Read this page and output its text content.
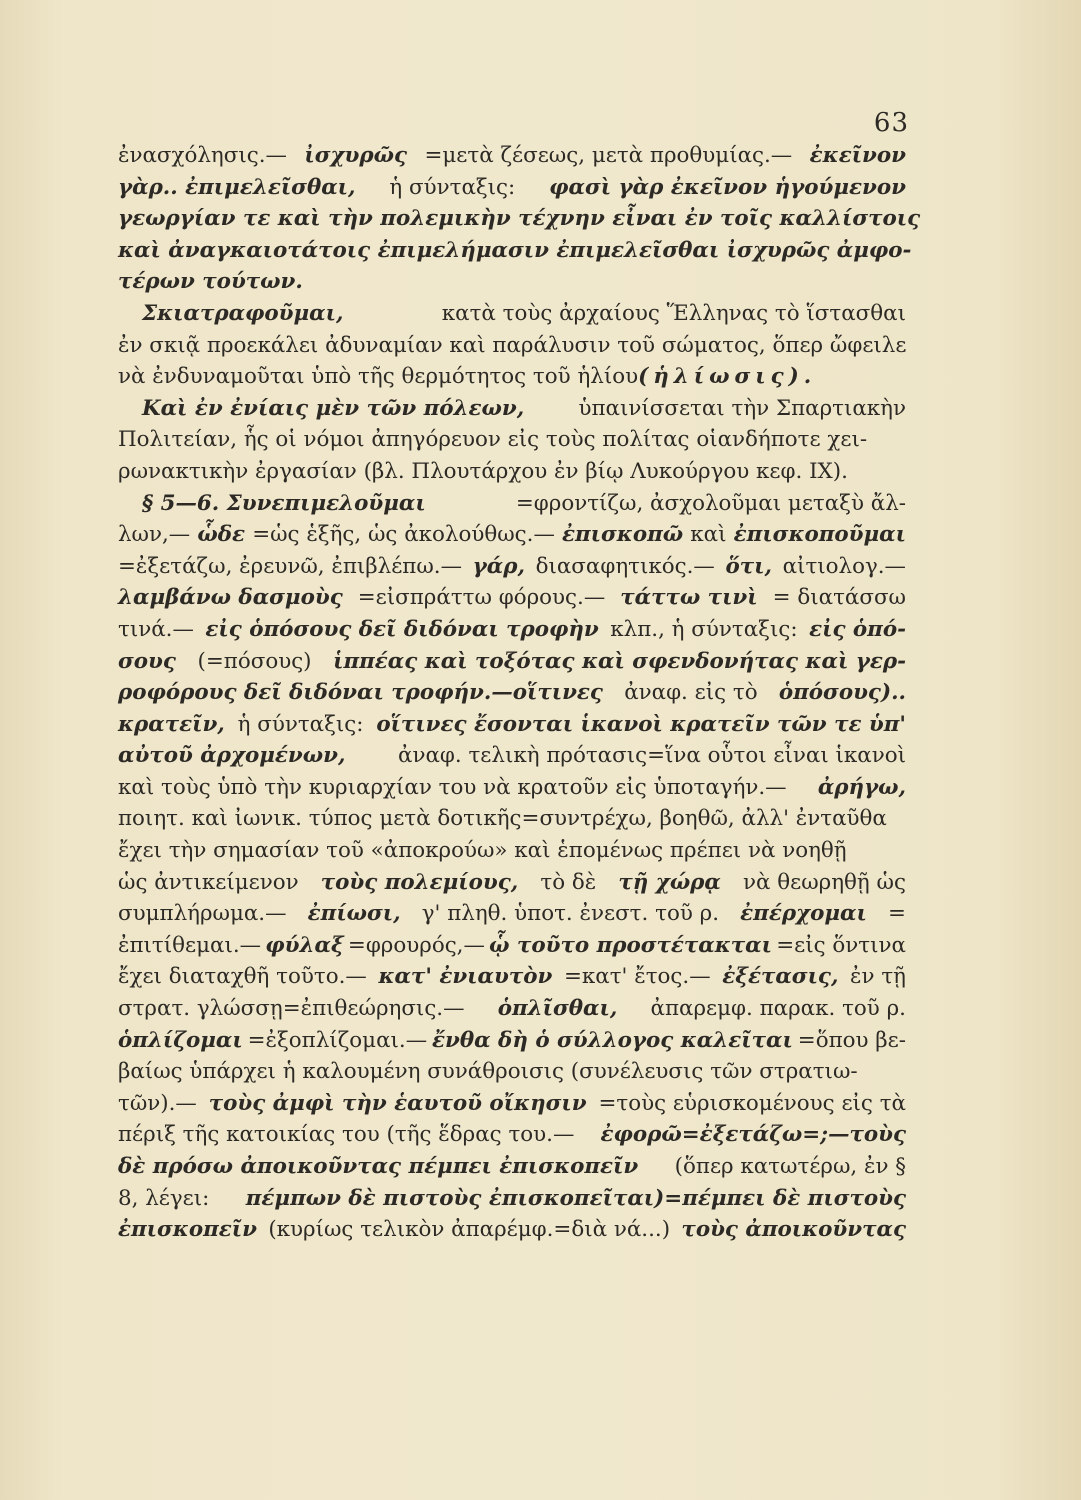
63
ἐνασχόλησις.— ἰσχυρῶς =μετὰ ζέσεως, μετὰ προθυμίας.— ἐκεῖνον
γὰρ.. ἐπιμελεῖσθαι, ἡ σύνταξις: φασὶ γὰρ ἐκεῖνον ἡγούμενον
γεωργίαν τε καὶ τὴν πολεμικὴν τέχνην εἶναι ἐν τοῖς καλλίστοις
καὶ ἀναγκαιοτάτοις ἐπιμελήμασιν ἐπιμελεῖσθαι ἰσχυρῶς ἀμφο-
τέρων τούτων.
Σκιατραφοῦμαι,	κατὰ τοὺς ἀρχαίους Ἕλληνας τὸ ἵστασθαι
ἐν σκιᾷ προεκάλει ἀδυναμίαν καὶ παράλυσιν τοῦ σώματος, ὅπερ ὤφειλε
νὰ ἐνδυναμοῦται ὑπὸ τῆς θερμότητος τοῦ ἡλίου (ἡλίωσις).
Καὶ ἐν ἐνίαις μὲν τῶν πόλεων,	ὑπαινίσσεται τὴν Σπαρτιακὴν
Πολιτείαν, ἧς οἱ νόμοι ἀπηγόρευον εἰς τοὺς πολίτας οἱανδήποτε χει-
ρωνακτικὴν ἐργασίαν (βλ. Πλουτάρχου ἐν βίῳ Λυκούργου κεφ. IX).
§ 5—6. Συνεπιμελοῦμαι	=φροντίζω, ἀσχολοῦμαι μεταξὺ ἄλ-
λων,— ὧδε =ὡς ἑξῆς, ὡς ἀκολούθως.— ἐπισκοπῶ καὶ ἐπισκοποῦμαι
=ἐξετάζω, ἐρευνῶ, ἐπιβλέπω.— γάρ, διασαφητικός.— ὅτι, αἰτιολογ.—
λαμβάνω δασμοὺς =εἰσπράττω φόρους.— τάττω τινὶ = διατάσσω
τινά.— εἰς ὁπόσους δεῖ διδόναι τροφὴν κλπ., ἡ σύνταξις: εἰς ὁπό-
σους (=πόσους) ἱππέας καὶ τοξότας καὶ σφενδονήτας καὶ γερ-
ροφόρους δεῖ διδόναι τροφήν.—οἵτινες ἀναφ. εἰς τὸ ὁπόσους)..
κρατεῖν, ἡ σύνταξις: οἵτινες ἔσονται ἱκανοὶ κρατεῖν τῶν τε ὑπ'
αὐτοῦ ἀρχομένων, ἀναφ. τελικὴ πρότασις=ἵνα οὗτοι εἶναι ἱκανοὶ
καὶ τοὺς ὑπὸ τὴν κυριαρχίαν του νὰ κρατοῦν εἰς ὑποταγήν.— ἀρήγω,
ποιητ. καὶ ἰωνικ. τύπος μετὰ δοτικῆς=συντρέχω, βοηθῶ, ἀλλ' ἐνταῦθα
ἔχει τὴν σημασίαν τοῦ «ἀποκρούω» καὶ ἑπομένως πρέπει νὰ νοηθῇ
ὡς ἀντικείμενον τοὺς πολεμίους, τὸ δὲ τῇ χώρᾳ νὰ θεωρηθῇ ὡς
συμπλήρωμα.— ἐπίωσι, γ' πληθ. ὑποτ. ἐνεστ. τοῦ ρ. ἐπέρχομαι =
ἐπιτίθεμαι.— φύλαξ =φρουρός,— ᾧ τοῦτο προστέτακται =εἰς ὅντινα
ἔχει διαταχθῆ τοῦτο.— κατ' ἐνιαυτὸν =κατ' ἔτος.— ἐξέτασις, ἐν τῇ
στρατ. γλώσσῃ=ἐπιθεώρησις.— ὁπλῖσθαι, ἀπαρεμφ. παρακ. τοῦ ρ.
ὁπλίζομαι =ἐξοπλίζομαι.— ἔνθα δὴ ὁ σύλλογος καλεῖται =ὅπου βε-
βαίως ὑπάρχει ἡ καλουμένη συνάθροισις (συνέλευσις τῶν στρατιω-
τῶν).— τοὺς ἀμφὶ τὴν ἑαυτοῦ οἴκησιν =τοὺς εὑρισκομένους εἰς τὰ
πέριξ τῆς κατοικίας του (τῆς ἕδρας του.— ἐφορῶ=ἐξετάζω=;—τοὺς
δὲ πρόσω ἀποικοῦντας πέμπει ἐπισκοπεῖν (ὅπερ κατωτέρω, ἐν §
8, λέγει: πέμπων δὲ πιστοὺς ἐπισκοπεῖται)=πέμπει δὲ πιστοὺς
ἐπισκοπεῖν (κυρίως τελικὸν ἀπαρέμφ.=διὰ νά...) τοὺς ἀποικοῦντας
